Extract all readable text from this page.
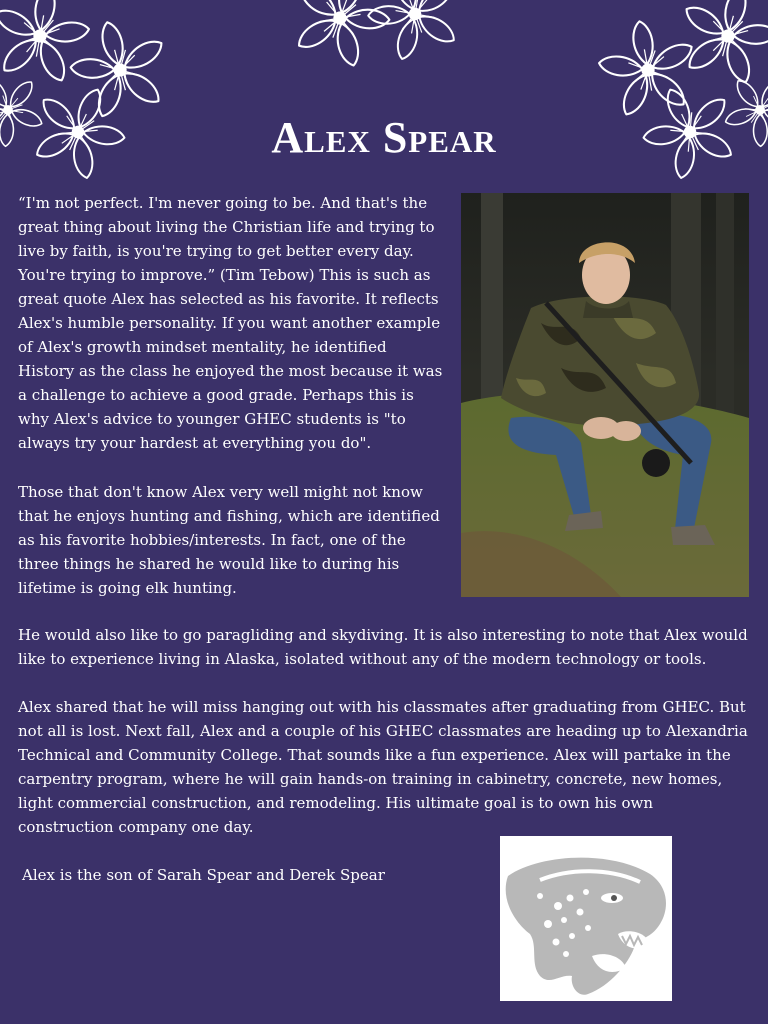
Alex Spear

“I'm not perfect. I'm never going to be. And that's the great thing about living the Christian life and trying to live by faith, is you're trying to get better every day. You're trying to improve.” (Tim Tebow) This is such as great quote Alex has selected as his favorite. It reflects Alex's humble personality. If you want another example of Alex's growth mindset mentality, he identified History as the class he enjoyed the most because it was a challenge to achieve a good grade. Perhaps this is why Alex's advice to younger GHEC students is "to always try your hardest at everything you do".

Those that don't know Alex very well might not know that he enjoys hunting and fishing, which are identified as his favorite hobbies/interests. In fact, one of the three things he shared he would like to during his lifetime is going elk hunting.

He would also like to go paragliding and skydiving. It is also interesting to note that Alex would like to experience living in Alaska, isolated without any of the modern technology or tools.

Alex shared that he will miss hanging out with his classmates after graduating from GHEC. But not all is lost. Next fall, Alex and a couple of his GHEC classmates are heading up to Alexandria Technical and Community College. That sounds like a fun experience. Alex will partake in the carpentry program, where he will gain hands-on training in cabinetry, concrete, new homes, light commercial construction, and remodeling. His ultimate goal is to own his own construction company one day.

Alex is the son of Sarah Spear and Derek Spear
